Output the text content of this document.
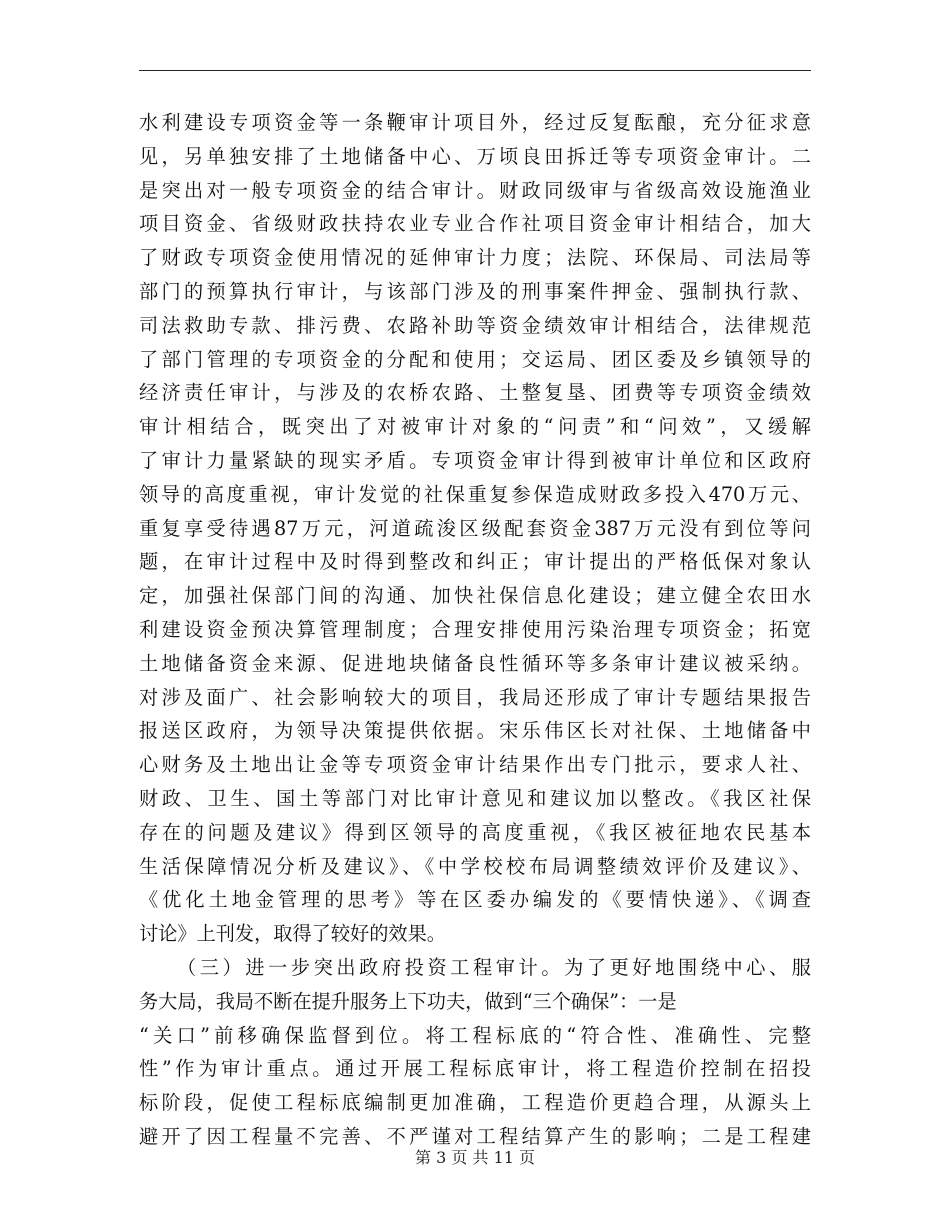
水利建设专项资金等一条鞭审计项目外，经过反复酝酿，充分征求意
见，另单独安排了土地储备中心、万顷良田拆迁等专项资金审计。二
是突出对一般专项资金的结合审计。财政同级审与省级高效设施渔业
项目资金、省级财政扶持农业专业合作社项目资金审计相结合，加大
了财政专项资金使用情况的延伸审计力度；法院、环保局、司法局等
部门的预算执行审计，与该部门涉及的刑事案件押金、强制执行款、
司法救助专款、排污费、农路补助等资金绩效审计相结合，法律规范
了部门管理的专项资金的分配和使用；交运局、团区委及乡镇领导的
经济责任审计，与涉及的农桥农路、土整复垦、团费等专项资金绩效
审计相结合，既突出了对被审计对象的“问责”和“问效”，又缓解
了审计力量紧缺的现实矛盾。专项资金审计得到被审计单位和区政府
领导的高度重视，审计发觉的社保重复参保造成财政多投入470万元、
重复享受待遇87万元，河道疏浚区级配套资金387万元没有到位等问
题，在审计过程中及时得到整改和纠正；审计提出的严格低保对象认
定，加强社保部门间的沟通、加快社保信息化建设；建立健全农田水
利建设资金预决算管理制度；合理安排使用污染治理专项资金；拓宽
土地储备资金来源、促进地块储备良性循环等多条审计建议被采纳。
对涉及面广、社会影响较大的项目，我局还形成了审计专题结果报告
报送区政府，为领导决策提供依据。宋乐伟区长对社保、土地储备中
心财务及土地出让金等专项资金审计结果作出专门批示，要求人社、
财政、卫生、国土等部门对比审计意见和建议加以整改。《我区社保
存在的问题及建议》得到区领导的高度重视，《我区被征地农民基本
生活保障情况分析及建议》、《中学校校布局调整绩效评价及建议》、
《优化土地金管理的思考》等在区委办编发的《要情快递》、《调查
讨论》上刊发，取得了较好的效果。
（三）进一步突出政府投资工程审计。为了更好地围绕中心、服
务大局，我局不断在提升服务上下功夫，做到“三个确保”：一是
“关口”前移确保监督到位。将工程标底的“符合性、准确性、完整
性”作为审计重点。通过开展工程标底审计，将工程造价控制在招投
标阶段，促使工程标底编制更加准确，工程造价更趋合理，从源头上
避开了因工程量不完善、不严谨对工程结算产生的影响；二是工程建
第 3 页 共 11 页
